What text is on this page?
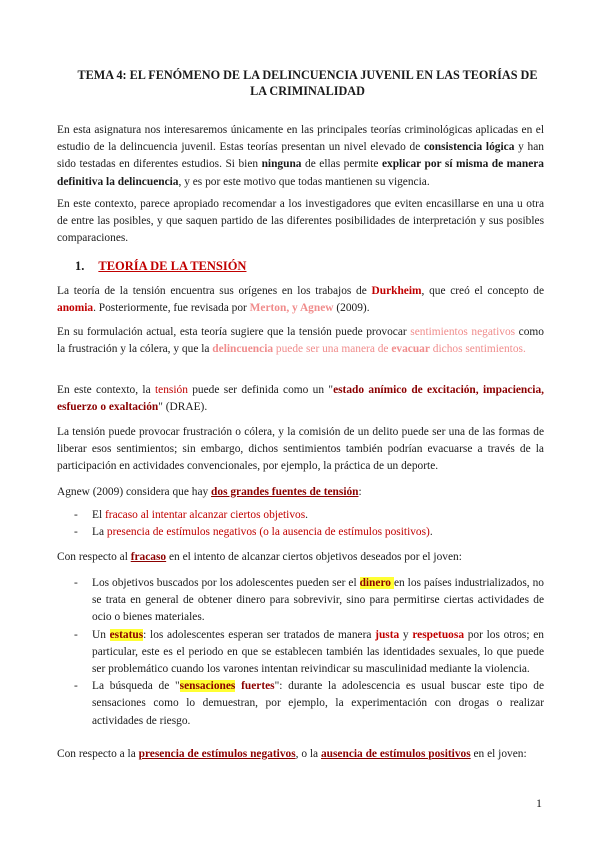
TEMA 4: EL FENÓMENO DE LA DELINCUENCIA JUVENIL EN LAS TEORÍAS DE LA CRIMINALIDAD

En esta asignatura nos interesaremos únicamente en las principales teorías criminológicas aplicadas en el estudio de la delincuencia juvenil. Estas teorías presentan un nivel elevado de consistencia lógica y han sido testadas en diferentes estudios. Si bien ninguna de ellas permite explicar por sí misma de manera definitiva la delincuencia, y es por este motivo que todas mantienen su vigencia.

En este contexto, parece apropiado recomendar a los investigadores que eviten encasillarse en una u otra de entre las posibles, y que saquen partido de las diferentes posibilidades de interpretación y sus posibles comparaciones.

1. TEORÍA DE LA TENSIÓN

La teoría de la tensión encuentra sus orígenes en los trabajos de Durkheim, que creó el concepto de anomia. Posteriormente, fue revisada por Merton, y Agnew (2009).

En su formulación actual, esta teoría sugiere que la tensión puede provocar sentimientos negativos como la frustración y la cólera, y que la delincuencia puede ser una manera de evacuar dichos sentimientos.

En este contexto, la tensión puede ser definida como un "estado anímico de excitación, impaciencia, esfuerzo o exaltación" (DRAE).

La tensión puede provocar frustración o cólera, y la comisión de un delito puede ser una de las formas de liberar esos sentimientos; sin embargo, dichos sentimientos también podrían evacuarse a través de la participación en actividades convencionales, por ejemplo, la práctica de un deporte.

Agnew (2009) considera que hay dos grandes fuentes de tensión:

- El fracaso al intentar alcanzar ciertos objetivos.
- La presencia de estímulos negativos (o la ausencia de estímulos positivos).

Con respecto al fracaso en el intento de alcanzar ciertos objetivos deseados por el joven:

- Los objetivos buscados por los adolescentes pueden ser el dinero en los países industrializados, no se trata en general de obtener dinero para sobrevivir, sino para permitirse ciertas actividades de ocio o bienes materiales.
- Un estatus: los adolescentes esperan ser tratados de manera justa y respetuosa por los otros; en particular, este es el periodo en que se establecen también las identidades sexuales, lo que puede ser problemático cuando los varones intentan reivindicar su masculinidad mediante la violencia.
- La búsqueda de "sensaciones fuertes": durante la adolescencia es usual buscar este tipo de sensaciones como lo demuestran, por ejemplo, la experimentación con drogas o realizar actividades de riesgo.

Con respecto a la presencia de estímulos negativos, o la ausencia de estímulos positivos en el joven:

1
